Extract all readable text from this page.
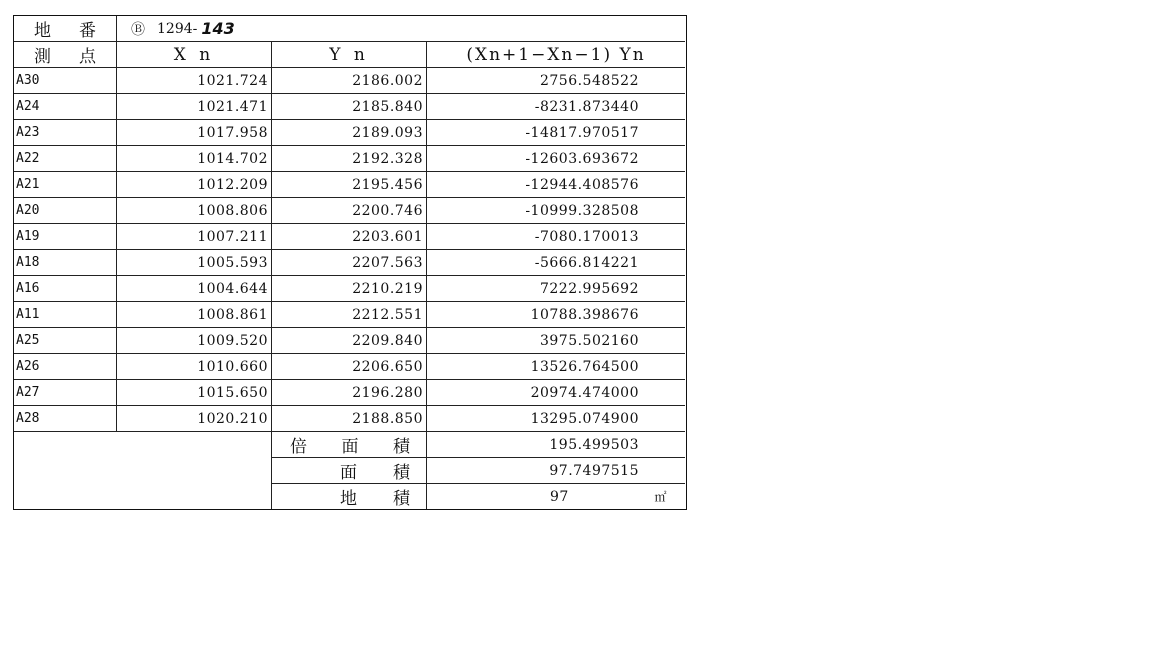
地 番	Ⓑ 1294- 143
測 点	X n	Y n	(Xn+1−Xn−1) Yn
A30	1021.724	2186.002	2756.548522
A24	1021.471	2185.840	-8231.873440
A23	1017.958	2189.093	-14817.970517
A22	1014.702	2192.328	-12603.693672
A21	1012.209	2195.456	-12944.408576
A20	1008.806	2200.746	-10999.328508
A19	1007.211	2203.601	-7080.170013
A18	1005.593	2207.563	-5666.814221
A16	1004.644	2210.219	7222.995692
A11	1008.861	2212.551	10788.398676
A25	1009.520	2209.840	3975.502160
A26	1010.660	2206.650	13526.764500
A27	1015.650	2196.280	20974.474000
A28	1020.210	2188.850	13295.074900
倍 面 積	195.499503
面 積	97.7497515
地 積	97	㎡
